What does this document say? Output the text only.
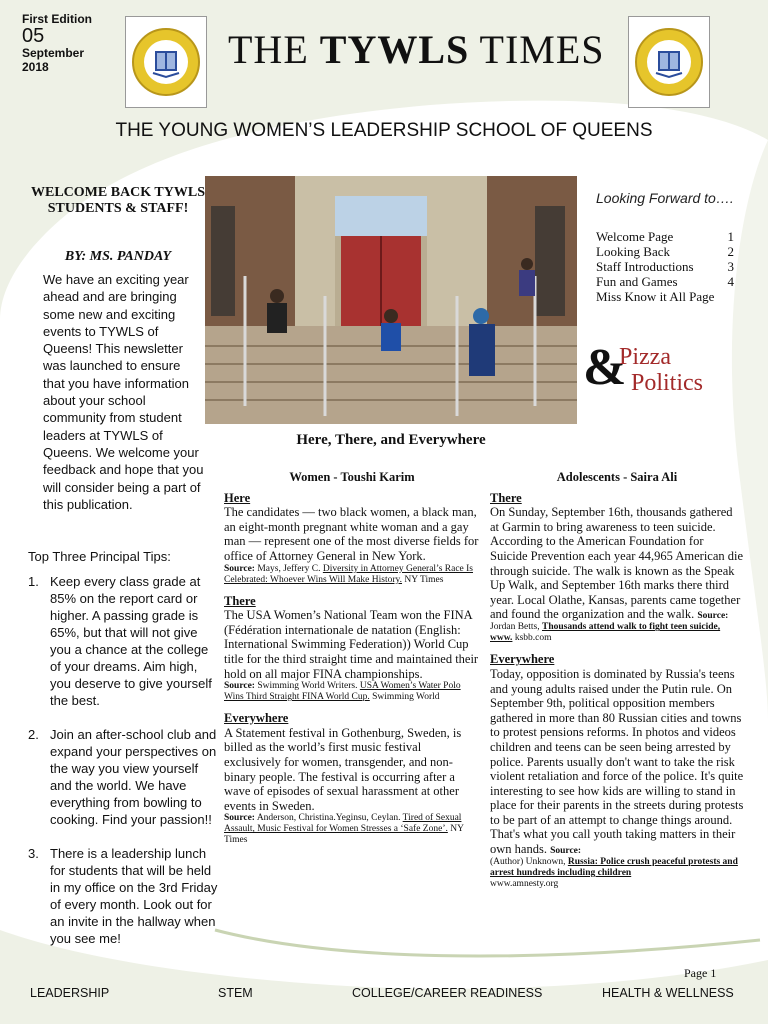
First Edition
05
September
2018	THE TYWLS TIMES
THE YOUNG WOMEN’S LEADERSHIP SCHOOL OF QUEENS
WELCOME BACK TYWLS STUDENTS & STAFF!
BY: MS. PANDAY
We have an exciting year ahead and are bringing some new and exciting events to TYWLS of Queens! This newsletter was launched to ensure that you have information about your school community from student leaders at TYWLS of Queens. We welcome your feedback and hope that you will consider being a part of this publication.
Top Three Principal Tips:
1. Keep every class grade at 85% on the report card or higher. A passing grade is 65%, but that will not give you a chance at the college of your dreams. Aim high, you deserve to give yourself the best.
2. Join an after-school club and expand your perspectives on the way you view yourself and the world. We have everything from bowling to cooking. Find your passion!!
3. There is a leadership lunch for students that will be held in my office on the 3rd Friday of every month. Look out for an invite in the hallway when you see me!
Looking Forward to….
Welcome Page	1
Looking Back	2
Staff Introductions	3
Fun and Games	4
Miss Know it All Page
&
Pizza
Politics
Here, There, and Everywhere
Women - Toushi Karim
Here
The candidates — two black women, a black man, an eight-month pregnant white woman and a gay man — represent one of the most diverse fields for office of Attorney General in New York.
Source: Mays, Jeffery C. Diversity in Attorney General’s Race Is Celebrated: Whoever Wins Will Make History. NY Times
There
The USA Women’s National Team won the FINA (Fédération internationale de natation (English: International Swimming Federation)) World Cup title for the third straight time and maintained their hold on all major FINA championships.
Source: Swimming World Writers. USA Women’s Water Polo Wins Third Straight FINA World Cup. Swimming World
Everywhere
A Statement festival in Gothenburg, Sweden, is billed as the world’s first music festival exclusively for women, transgender, and non-binary people. The festival is occurring after a wave of episodes of sexual harassment at other events in Sweden.
Source: Anderson, Christina.Yeginsu, Ceylan. Tired of Sexual Assault, Music Festival for Women Stresses a ‘Safe Zone’. NY Times
Adolescents - Saira Ali
There
On Sunday, September 16th, thousands gathered at Garmin to bring awareness to teen suicide. According to the American Foundation for Suicide Prevention each year 44,965 American die through suicide. The walk is known as the Speak Up Walk, and September 16th marks there third year. Local Olathe, Kansas, parents came together and found the organization and the walk. Source:
Jordan Betts, Thousands attend walk to fight teen suicide, www. ksbb.com
Everywhere
Today, opposition is dominated by Russia's teens and young adults raised under the Putin rule. On September 9th, political opposition members gathered in more than 80 Russian cities and towns to protest pensions reforms. In photos and videos children and teens can be seen being arrested by police. Parents usually don't want to take the risk violent retaliation and force of the police. It's quite interesting to see how kids are willing to stand in place for their parents in the streets during protests to be part of an attempt to change things around. That's what you call youth taking matters in their own hands. Source:
(Author) Unknown, Russia: Police crush peaceful protests and arrest hundreds including children
www.amnesty.org
Page 1
LEADERSHIP	STEM	COLLEGE/CAREER READINESS	HEALTH & WELLNESS
